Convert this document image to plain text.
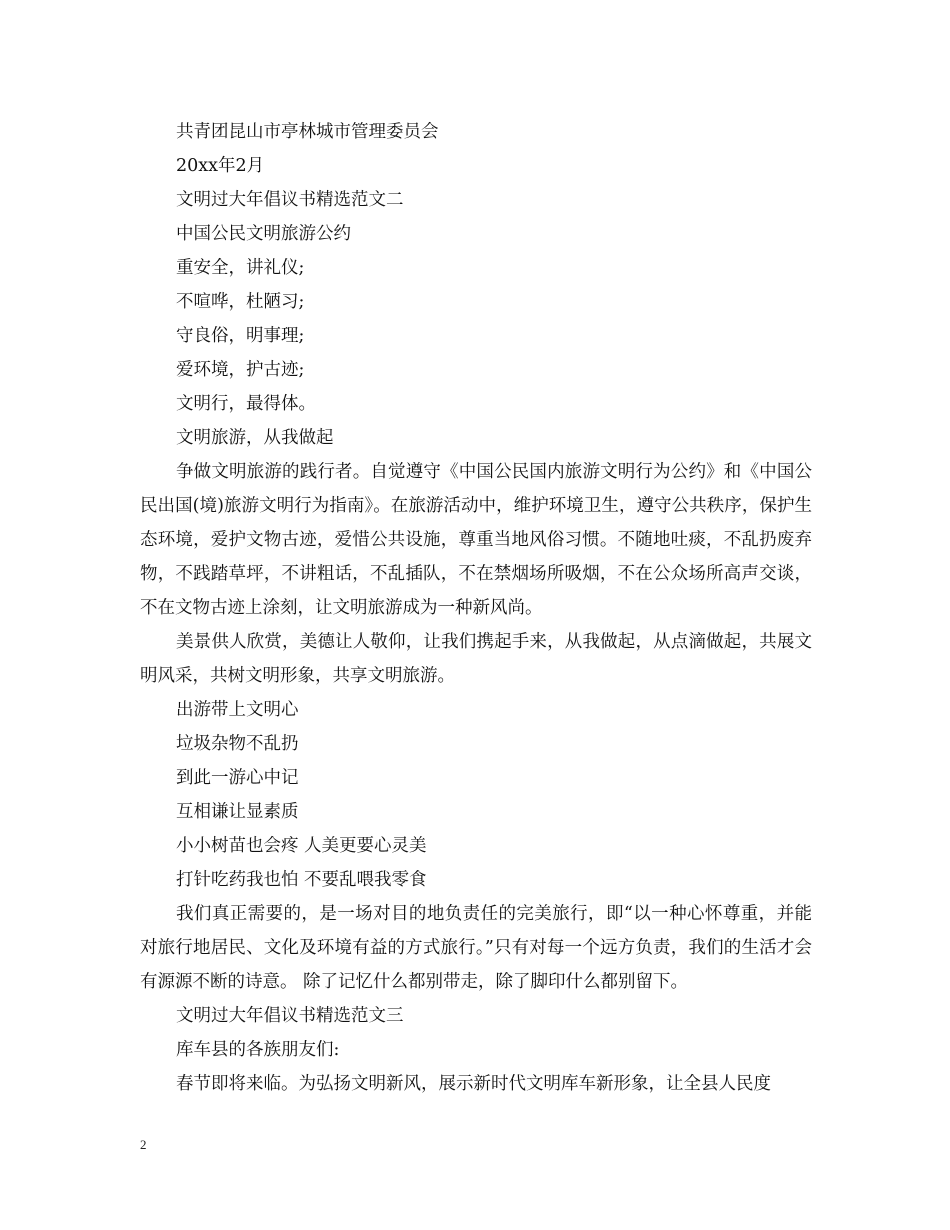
共青团昆山市亭林城市管理委员会
20xx年2月
文明过大年倡议书精选范文二
中国公民文明旅游公约
重安全，讲礼仪;
不喧哗，杜陋习;
守良俗，明事理;
爱环境，护古迹;
文明行，最得体。
文明旅游，从我做起

争做文明旅游的践行者。自觉遵守《中国公民国内旅游文明行为公约》和《中国公民出国(境)旅游文明行为指南》。在旅游活动中，维护环境卫生，遵守公共秩序，保护生态环境，爱护文物古迹，爱惜公共设施，尊重当地风俗习惯。不随地吐痰，不乱扔废弃物，不践踏草坪，不讲粗话，不乱插队，不在禁烟场所吸烟，不在公众场所高声交谈，不在文物古迹上涂刻，让文明旅游成为一种新风尚。

美景供人欣赏，美德让人敬仰，让我们携起手来，从我做起，从点滴做起，共展文明风采，共树文明形象，共享文明旅游。

出游带上文明心
垃圾杂物不乱扔
到此一游心中记
互相谦让显素质
小小树苗也会疼 人美更要心灵美
打针吃药我也怕 不要乱喂我零食

我们真正需要的，是一场对目的地负责任的完美旅行，即“以一种心怀尊重，并能对旅行地居民、文化及环境有益的方式旅行。”只有对每一个远方负责，我们的生活才会有源源不断的诗意。 除了记忆什么都别带走，除了脚印什么都别留下。

文明过大年倡议书精选范文三
库车县的各族朋友们:

春节即将来临。为弘扬文明新风，展示新时代文明库车新形象，让全县人民度

2
